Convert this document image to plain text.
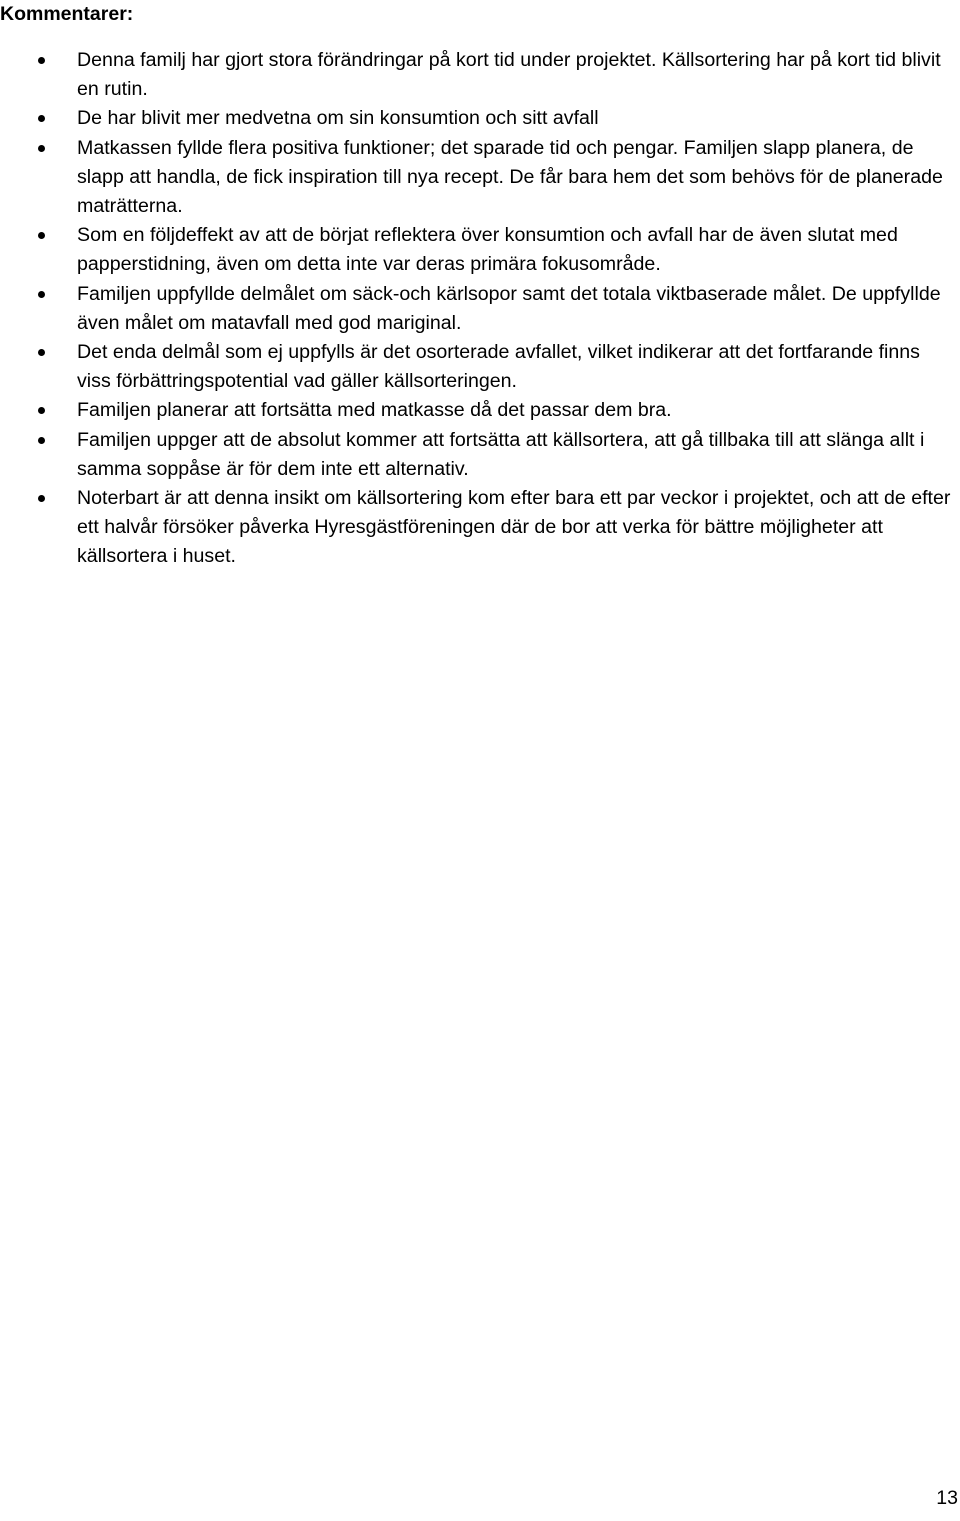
Kommentarer:
Denna familj har gjort stora förändringar på kort tid under projektet. Källsortering har på kort tid blivit en rutin.
De har blivit mer medvetna om sin konsumtion och sitt avfall
Matkassen fyllde flera positiva funktioner; det sparade tid och pengar. Familjen slapp planera, de slapp att handla, de fick inspiration till nya recept. De får bara hem det som behövs för de planerade maträtterna.
Som en följdeffekt av att de börjat reflektera över konsumtion och avfall har de även slutat med papperstidning, även om detta inte var deras primära fokusområde.
Familjen uppfyllde delmålet om säck-och kärlsopor samt det totala viktbaserade målet. De uppfyllde även målet om matavfall med god mariginal.
Det enda delmål som ej uppfylls är det osorterade avfallet, vilket indikerar att det fortfarande finns viss förbättringspotential vad gäller källsorteringen.
Familjen planerar att fortsätta med matkasse då det passar dem bra.
Familjen uppger att de absolut kommer att fortsätta att källsortera, att gå tillbaka till att slänga allt i samma soppåse är för dem inte ett alternativ.
Noterbart är att denna insikt om källsortering kom efter bara ett par veckor i projektet, och att de efter ett halvår försöker påverka Hyresgästföreningen där de bor att verka för bättre möjligheter att källsortera i huset.
13
